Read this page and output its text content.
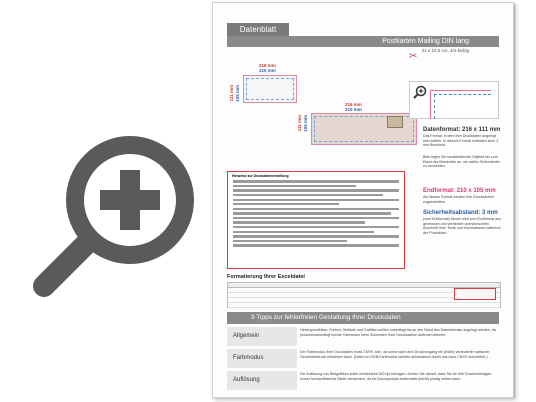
Datenblatt
Postkarten Mailing DIN lang
21 x 10,5 cm, 4/4-farbig
216 mm
210 mm
111 mm 105 mm
216 mm
210 mm
111 mm 105 mm
✂
Datenformat: 216 x 111 mm
Das Format, in dem Ihre Druckdaten angelegt sein sollten. In diesem Format enthalten sind: 3 mm Beschnitt.
Bitte legen Sie randabfallende Objekte bis zum Rand des Beschnitts an, um weiße Seitenränder zu vermeiden.
Endformat: 210 x 105 mm
Auf dieses Format werden Ihre Drucksachen zugeschnitten.
Sicherheitsabstand: 3 mm
(vom Endformat) Dieser wird vom Endformat aus gemessen und verhindert unerwünschten Anschnitt Ihrer Texte und Informationen während der Produktion.
Hinweise zur Druckdatenerstellung
Formatierung Ihrer Exceldatei
3 Tipps zur fehlerfreien Gestaltung Ihrer Druckdaten
Allgemein
Hintergrundbilder, Farben, Verläufe und Grafiken sollten unbedingt bis an den Rand des Datenformats angelegt werden, da produktionsbedingt leichte Toleranzen beim Schneiden Ihrer Drucksachen auftreten können.
Farbmodus
Der Farbmodus Ihrer Druckdaten muss CMYK sein, da sonst nach dem Druckvorgang ein (leicht) veränderter optischer Gesamteindruck entstehen kann. (Daten im RGB-Farbmodus werden automatisch durch uns nach CMYK konvertiert.)
Auflösung
Die Auflösung von Bildgrafiken sollte mindestens 300 dpi betragen. Achten Sie darauf, dass Sie für Ihre Druckunterlagen immer hochauflösende Bilder verwenden, da Ihr Druckprodukt andernfalls (leicht) pixelig wirken kann.
